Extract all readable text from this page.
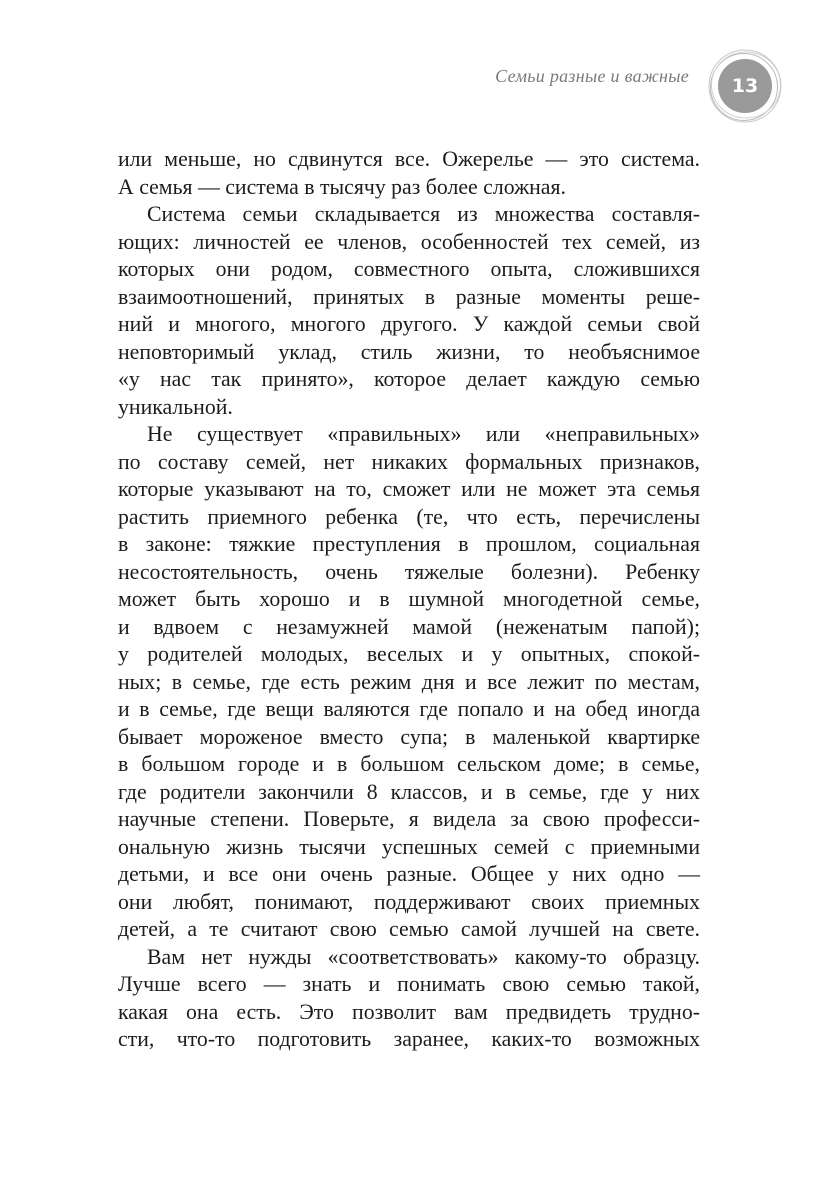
Семьи разные и важные	13
или меньше, но сдвинутся все. Ожерелье — это система.
А семья — система в тысячу раз более сложная.
Система семьи складывается из множества составля-
ющих: личностей ее членов, особенностей тех семей, из
которых они родом, совместного опыта, сложившихся
взаимоотношений, принятых в разные моменты реше-
ний и многого, многого другого. У каждой семьи свой
неповторимый уклад, стиль жизни, то необъяснимое
«у нас так принято», которое делает каждую семью
уникальной.
Не существует «правильных» или «неправильных»
по составу семей, нет никаких формальных признаков,
которые указывают на то, сможет или не может эта семья
растить приемного ребенка (те, что есть, перечислены
в законе: тяжкие преступления в прошлом, социальная
несостоятельность, очень тяжелые болезни). Ребенку
может быть хорошо и в шумной многодетной семье,
и вдвоем с незамужней мамой (неженатым папой);
у родителей молодых, веселых и у опытных, спокой-
ных; в семье, где есть режим дня и все лежит по местам,
и в семье, где вещи валяются где попало и на обед иногда
бывает мороженое вместо супа; в маленькой квартирке
в большом городе и в большом сельском доме; в семье,
где родители закончили 8 классов, и в семье, где у них
научные степени. Поверьте, я видела за свою професси-
ональную жизнь тысячи успешных семей с приемными
детьми, и все они очень разные. Общее у них одно —
они любят, понимают, поддерживают своих приемных
детей, а те считают свою семью самой лучшей на свете.
Вам нет нужды «соответствовать» какому-то образцу.
Лучше всего — знать и понимать свою семью такой,
какая она есть. Это позволит вам предвидеть трудно-
сти, что-то подготовить заранее, каких-то возможных
